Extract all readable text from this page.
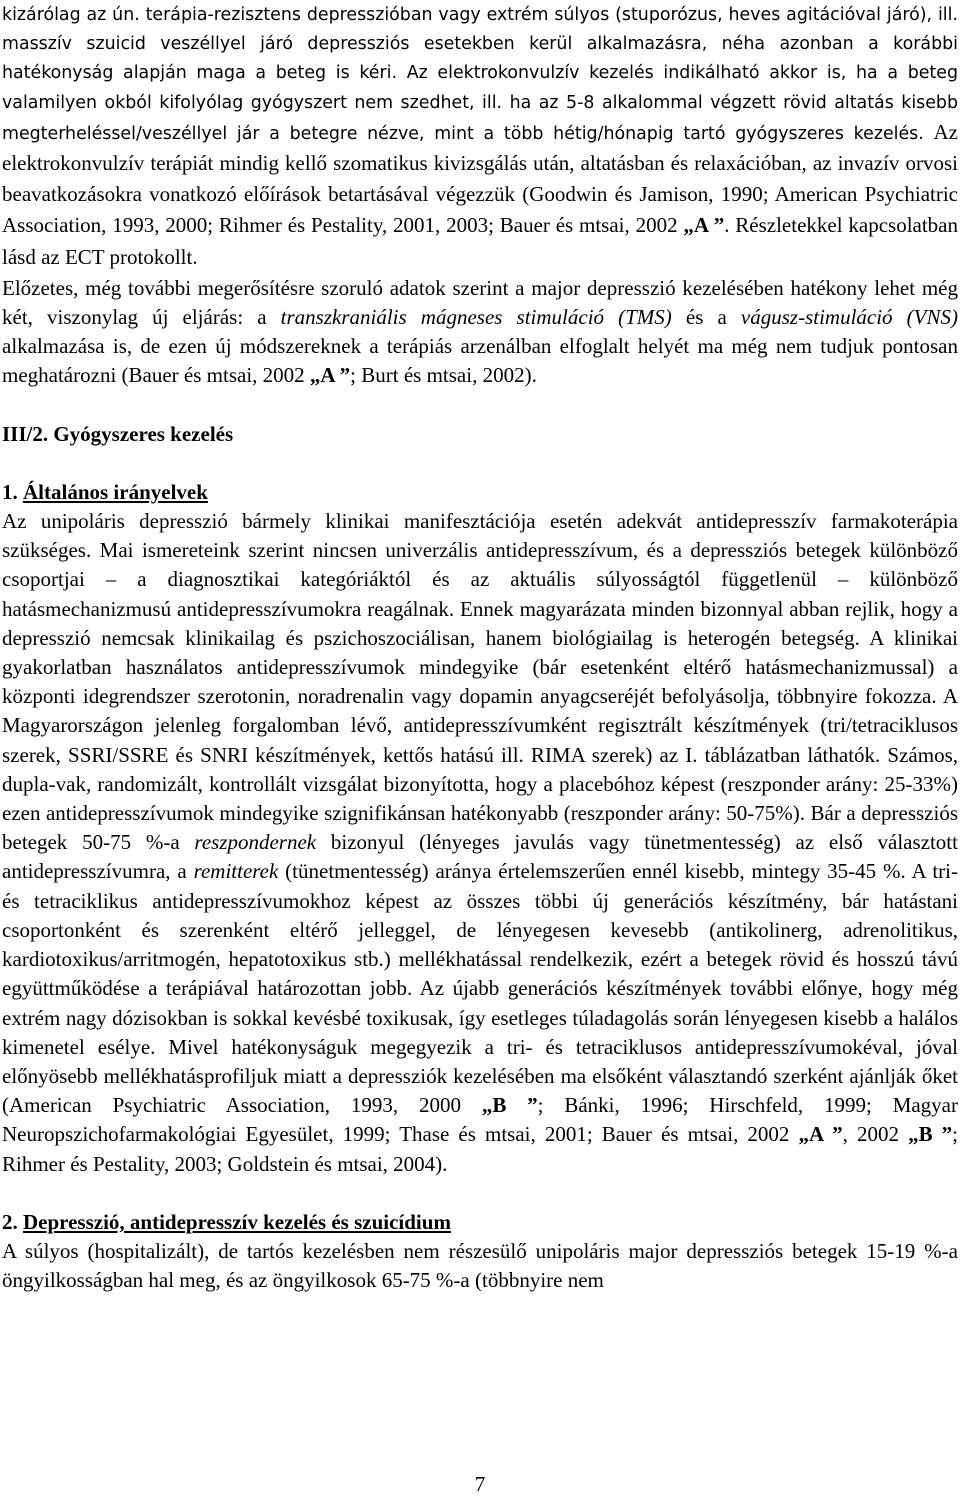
kizárólag az ún. terápia-rezisztens depresszióban vagy extrém súlyos (stuporózus, heves agitációval járó), ill. masszív szuicid veszéllyel járó depressziós esetekben kerül alkalmazásra, néha azonban a korábbi hatékonyság alapján maga a beteg is kéri. Az elektrokonvulzív kezelés indikálható akkor is, ha a beteg valamilyen okból kifolyólag gyógyszert nem szedhet, ill. ha az 5-8 alkalommal végzett rövid altatás kisebb megterheléssel/veszéllyel jár a betegre nézve, mint a több hétig/hónapig tartó gyógyszeres kezelés. Az elektrokonvulzív terápiát mindig kellő szomatikus kivizsgálás után, altatásban és relaxációban, az invazív orvosi beavatkozásokra vonatkozó előírások betartásával végezzük (Goodwin és Jamison, 1990; American Psychiatric Association, 1993, 2000; Rihmer és Pestality, 2001, 2003; Bauer és mtsai, 2002 „A ”. Részletekkel kapcsolatban lásd az ECT protokollt.

Előzetes, még további megerősítésre szoruló adatok szerint a major depresszió kezelésében hatékony lehet még két, viszonylag új eljárás: a transzkraniális mágneses stimuláció (TMS) és a vágusz-stimuláció (VNS) alkalmazása is, de ezen új módszereknek a terápiás arzenálban elfoglalt helyét ma még nem tudjuk pontosan meghatározni (Bauer és mtsai, 2002 „A ”; Burt és mtsai, 2002).

III/2. Gyógyszeres kezelés
1. Általános irányelvek

Az unipoláris depresszió bármely klinikai manifesztációja esetén adekvát antidepresszív farmakoterápia szükséges. Mai ismereteink szerint nincsen univerzális antidepresszívum, és a depressziós betegek különböző csoportjai – a diagnosztikai kategóriáktól és az aktuális súlyosságtól függetlenül – különböző hatásmechanizmusú antidepresszívumokra reagálnak. Ennek magyarázata minden bizonnyal abban rejlik, hogy a depresszió nemcsak klinikailag és pszichoszociálisan, hanem biológiailag is heterogén betegség. A klinikai gyakorlatban használatos antidepresszívumok mindegyike (bár esetenként eltérő hatásmechanizmussal) a központi idegrendszer szerotonin, noradrenalin vagy dopamin anyagcseréjét befolyásolja, többnyire fokozza. A Magyarországon jelenleg forgalomban lévő, antidepresszívumként regisztrált készítmények (tri/tetraciklusos szerek, SSRI/SSRE és SNRI készítmények, kettős hatású ill. RIMA szerek) az I. táblázatban láthatók. Számos, dupla-vak, randomizált, kontrollált vizsgálat bizonyította, hogy a placebóhoz képest (reszponder arány: 25-33%) ezen antidepresszívumok mindegyike szignifikánsan hatékonyabb (reszponder arány: 50-75%). Bár a depressziós betegek 50-75 %-a reszpondernek bizonyul (lényeges javulás vagy tünetmentesség) az első választott antidepresszívumra, a remitterek (tünetmentesség) aránya értelemszerűen ennél kisebb, mintegy 35-45 %. A tri- és tetraciklikus antidepresszívumokhoz képest az összes többi új generációs készítmény, bár hatástani csoportonként és szerenként eltérő jelleggel, de lényegesen kevesebb (antikolinerg, adrenolitikus, kardiotoxikus/arritmogén, hepatotoxikus stb.) mellékhatással rendelkezik, ezért a betegek rövid és hosszú távú együttműködése a terápiával határozottan jobb. Az újabb generációs készítmények további előnye, hogy még extrém nagy dózisokban is sokkal kevésbé toxikusak, így esetleges túladagolás során lényegesen kisebb a halálos kimenetel esélye. Mivel hatékonyságuk megegyezik a tri- és tetraciklusos antidepresszívumokéval, jóval előnyösebb mellékhatásprofiljuk miatt a depressziók kezelésében ma elsőként választandó szerként ajánlják őket (American Psychiatric Association, 1993, 2000 „B ”; Bánki, 1996; Hirschfeld, 1999; Magyar Neuropszichofarmakológiai Egyesület, 1999; Thase és mtsai, 2001; Bauer és mtsai, 2002 „A ”, 2002 „B ”; Rihmer és Pestality, 2003; Goldstein és mtsai, 2004).

2. Depresszió, antidepresszív kezelés és szuicídium

A súlyos (hospitalizált), de tartós kezelésben nem részesülő unipoláris major depressziós betegek 15-19 %-a öngyilkosságban hal meg, és az öngyilkosok 65-75 %-a (többnyire nem

7
